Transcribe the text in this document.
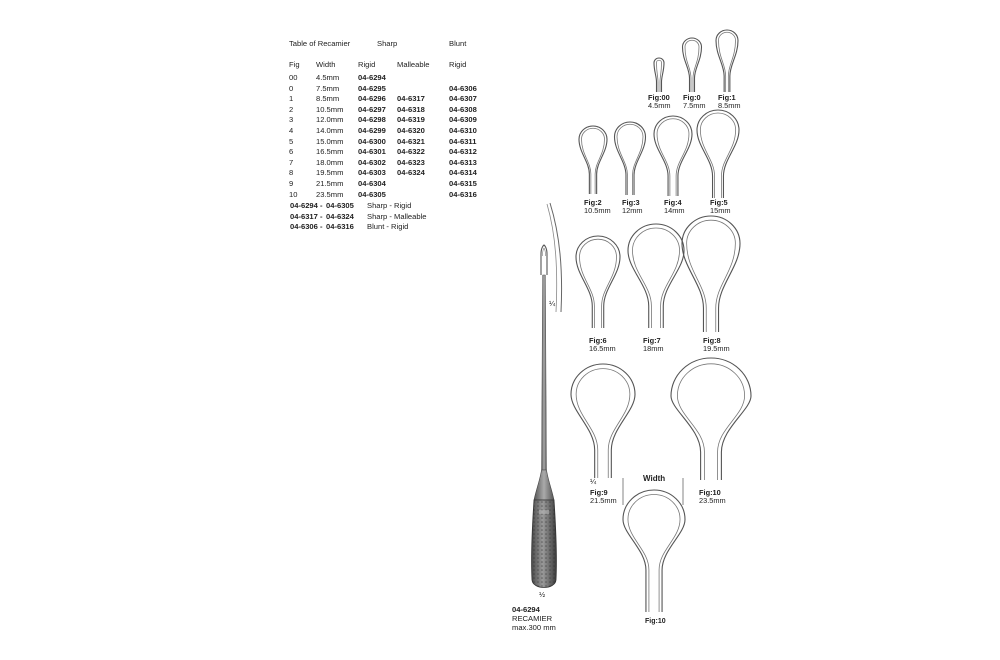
Table of Recamier	Sharp	Blunt
Fig Width	Rigid	Malleable	Rigid
00 4.5mm 04-6294
0	7.5mm 04-6295	04-6306
1	8.5mm 04-6296 04-6317	04-6307
2	10.5mm 04-6297 04-6318	04-6308
3	12.0mm 04-6298 04-6319	04-6309
4	14.0mm 04-6299 04-6320	04-6310
5	15.0mm 04-6300 04-6321	04-6311
6	16.5mm 04-6301 04-6322	04-6312
7	18.0mm 04-6302 04-6323	04-6313
8	19.5mm 04-6303 04-6324	04-6314
9	21.5mm 04-6304	04-6315
10 23.5mm 04-6305	04-6316
04-6294 - 04-6305 Sharp - Rigid
04-6317 - 04-6324 Sharp - Malleable
04-6306 - 04-6316 Blunt - Rigid
Fig:00
4.5mm
Fig:0
7.5mm
Fig:1
8.5mm
Fig:2
10.5mm
Fig:3
12mm
Fig:4
14mm
Fig:5
15mm
Fig:6
16.5mm
Fig:7
18mm
Fig:8
19.5mm
Fig:9
21.5mm
Fig:10
23.5mm
Width
Fig:10
¼
¼
½
04-6294
RECAMIER
max.300 mm
